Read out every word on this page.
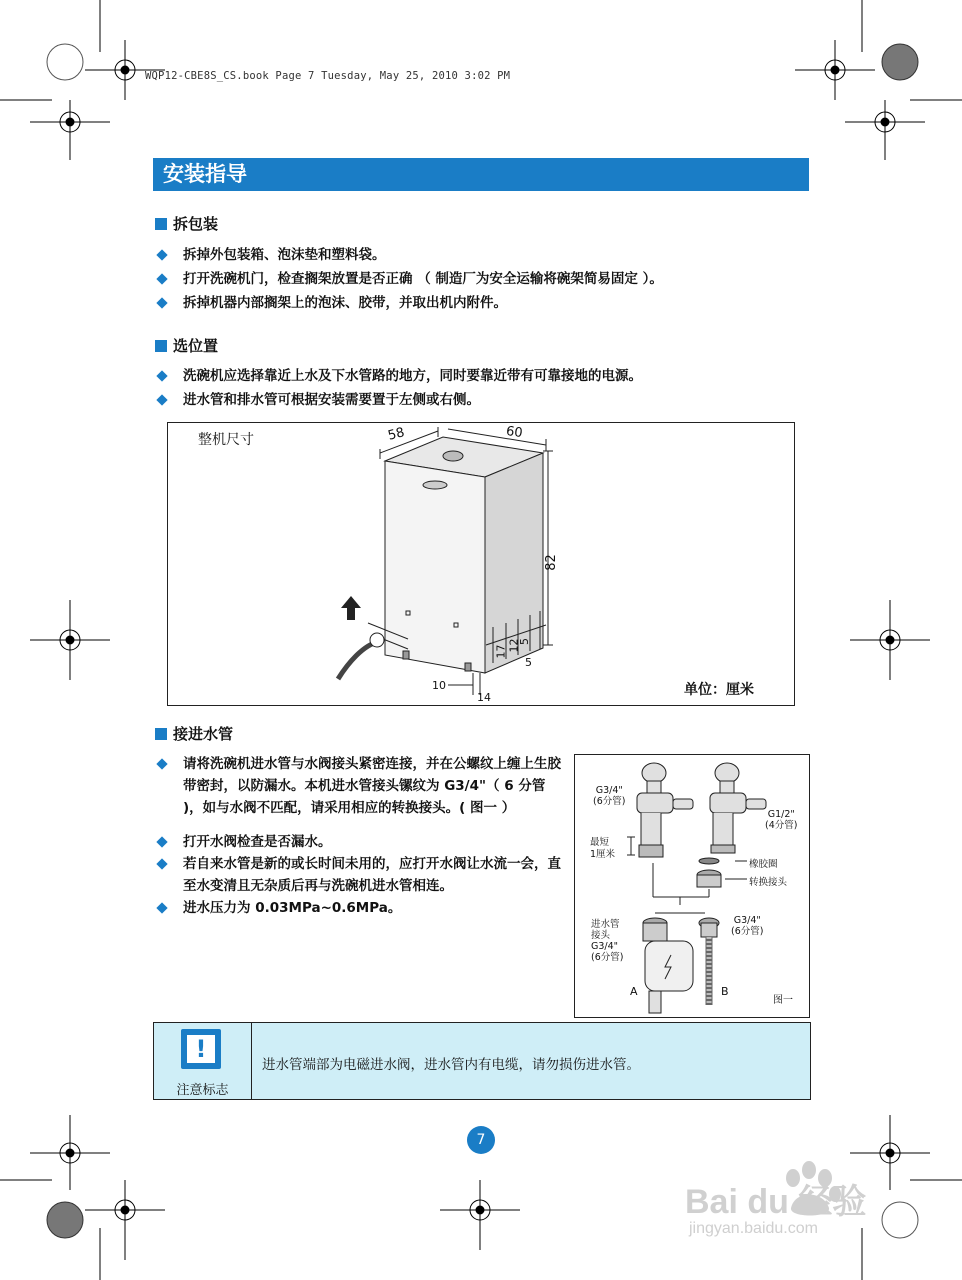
WQP12-CBE8S_CS.book Page 7 Tuesday, May 25, 2010 3:02 PM
安装指导
拆包装
拆掉外包装箱、泡沫垫和塑料袋。
打开洗碗机门，检查搁架放置是否正确 （ 制造厂为安全运输将碗架简易固定 ）。
拆掉机器内部搁架上的泡沫、胶带，并取出机内附件。
选位置
洗碗机应选择靠近上水及下水管路的地方，同时要靠近带有可靠接地的电源。
进水管和排水管可根据安装需要置于左侧或右侧。
整机尺寸
单位：厘米
58	60
82
17 12
5
5
10
14
接进水管
请将洗碗机进水管与水阀接头紧密连接，并在公螺纹上缠上生胶带密封，以防漏水。本机进水管接头镙纹为 G3/4"（ 6 分管 )，如与水阀不匹配，请采用相应的转换接头。( 图一 ）
打开水阀检查是否漏水。
若自来水管是新的或长时间未用的，应打开水阀让水流一会，直至水变清且无杂质后再与洗碗机进水管相连。
进水压力为 0.03MPa~0.6MPa。
G3/4"
(6分管)
最短
1厘米
G1/2"
(4分管)
橡胶圈
转换接头
进水管
接头
G3/4"
(6分管)
G3/4"
(6分管)
A	B
图一
!
注意标志
进水管端部为电磁进水阀，进水管内有电缆，请勿损伤进水管。
7
Bai du 经验
jingyan.baidu.com
